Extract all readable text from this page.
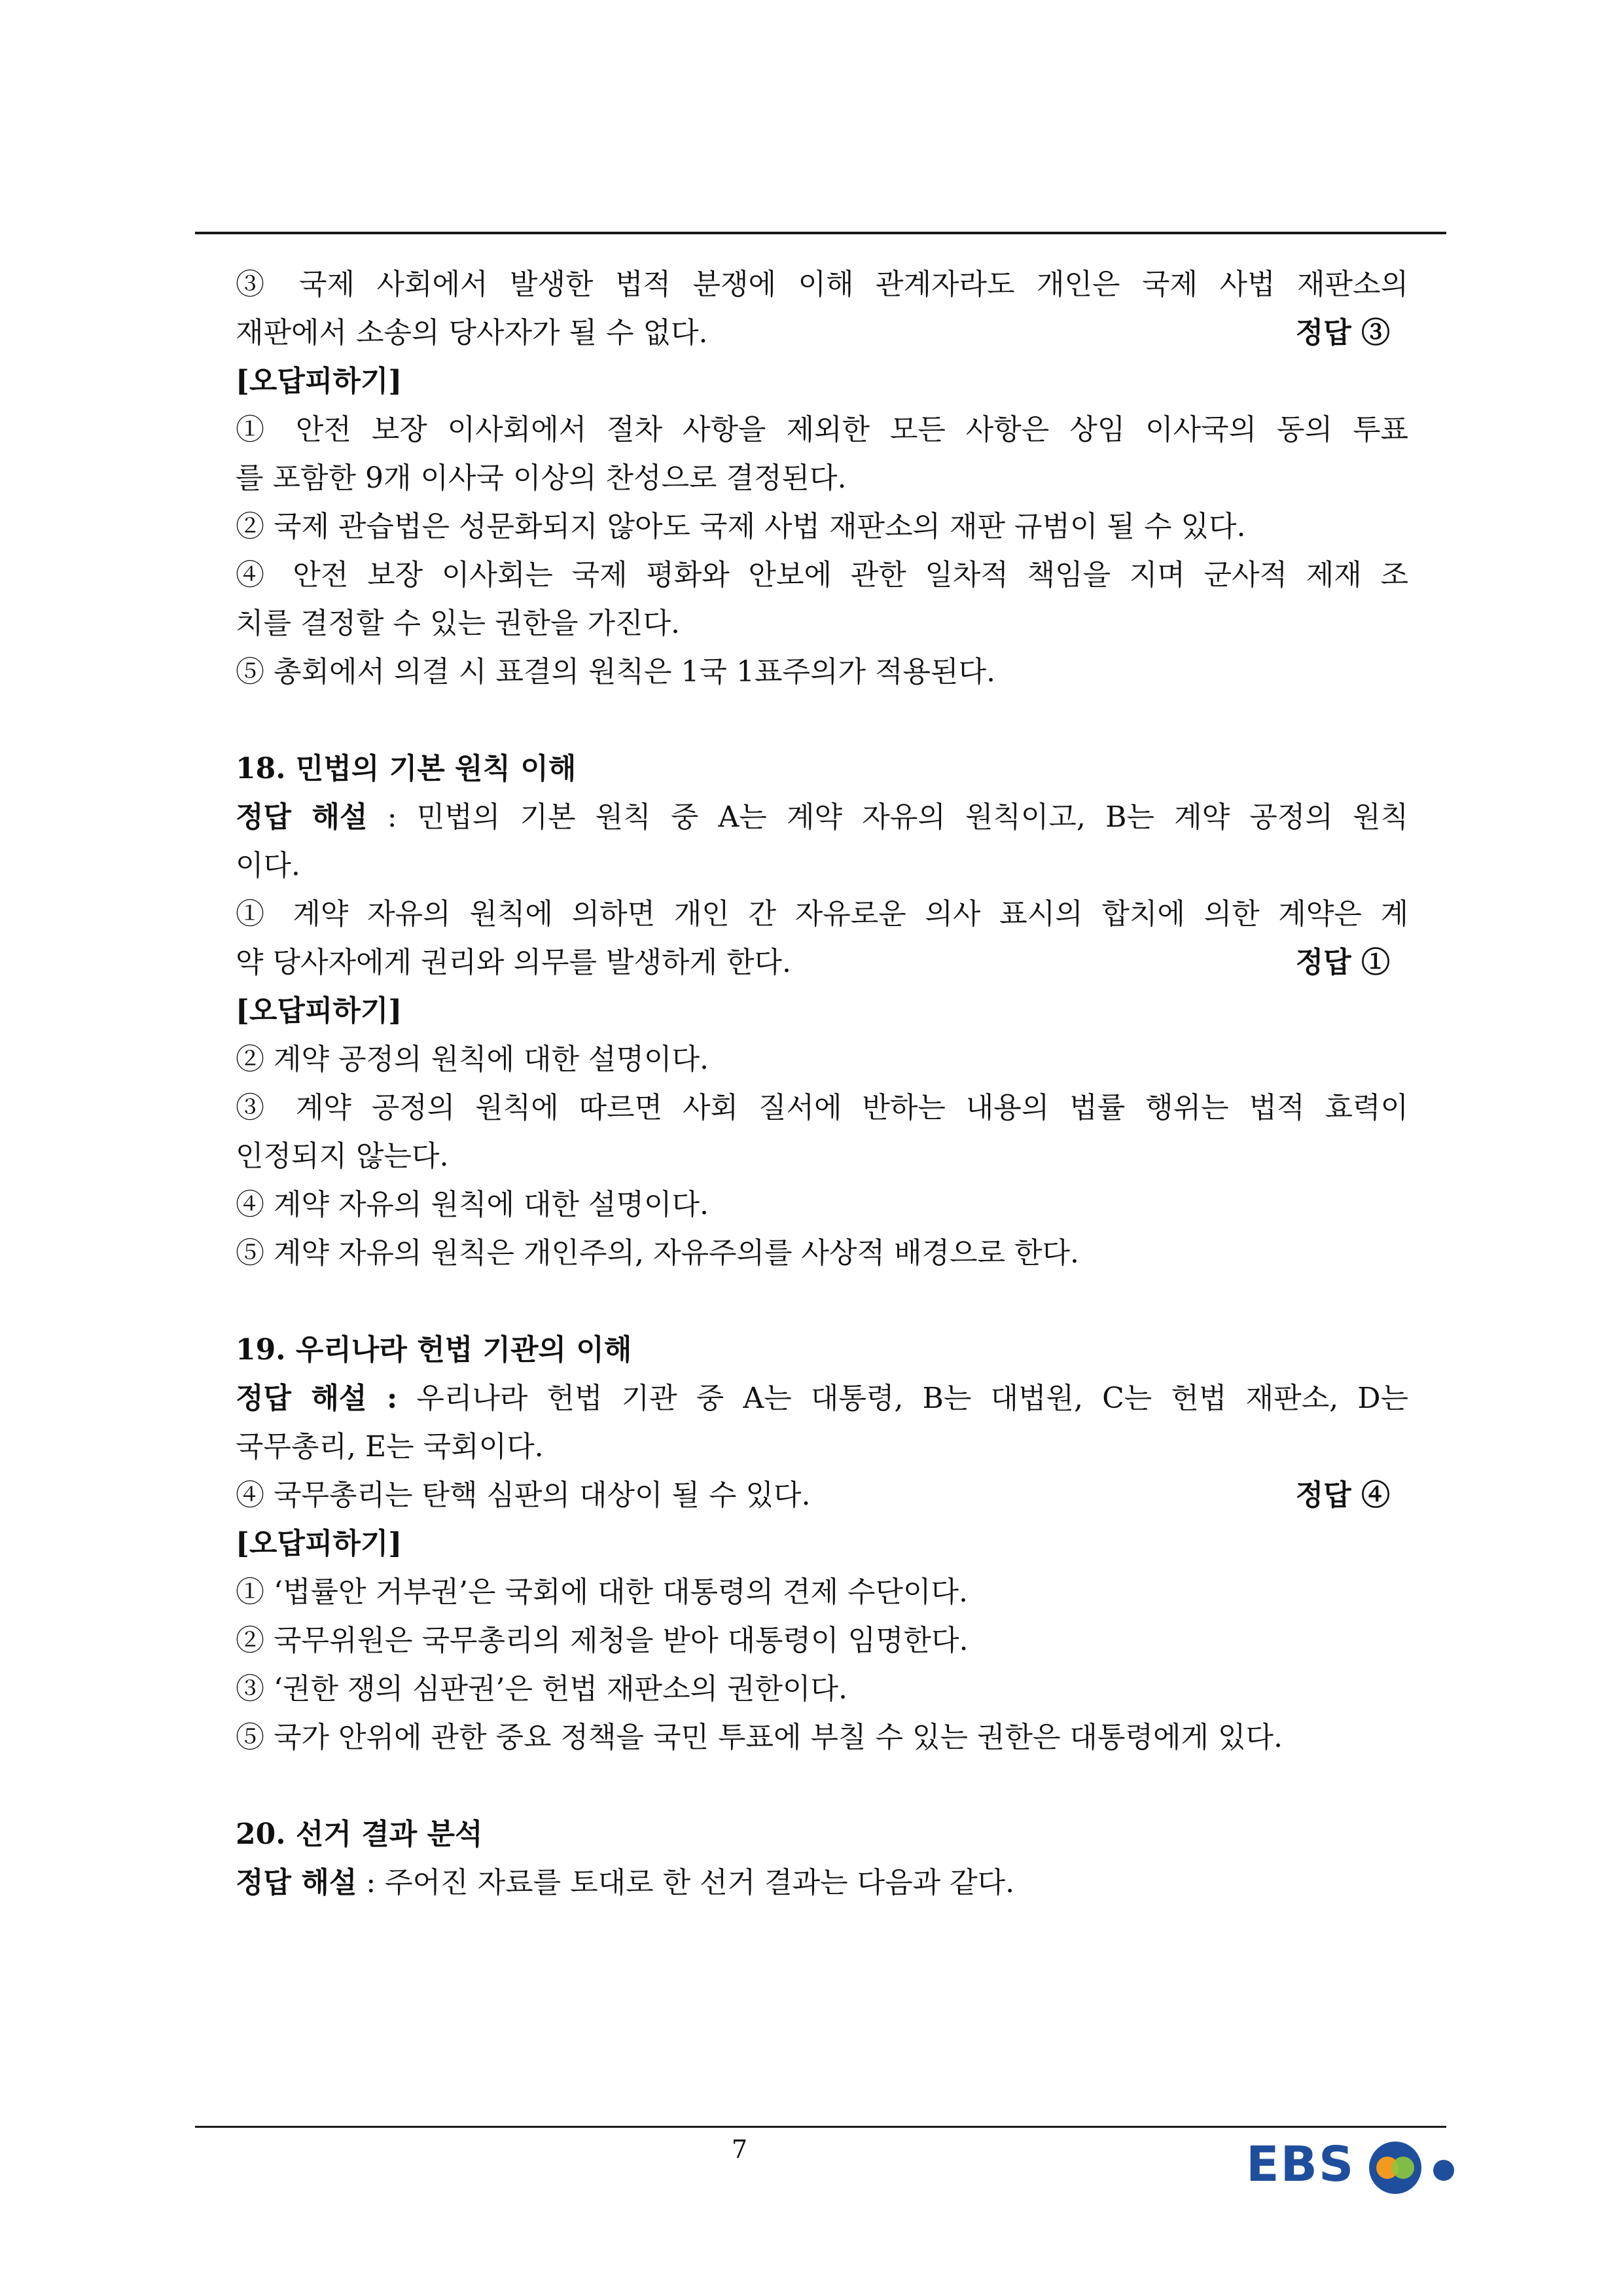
③ 국제 사회에서 발생한 법적 분쟁에 이해 관계자라도 개인은 국제 사법 재판소의
재판에서 소송의 당사자가 될 수 없다.	정답 ③
[오답피하기]
① 안전 보장 이사회에서 절차 사항을 제외한 모든 사항은 상임 이사국의 동의 투표
를 포함한 9개 이사국 이상의 찬성으로 결정된다.
② 국제 관습법은 성문화되지 않아도 국제 사법 재판소의 재판 규범이 될 수 있다.
④ 안전 보장 이사회는 국제 평화와 안보에 관한 일차적 책임을 지며 군사적 제재 조
치를 결정할 수 있는 권한을 가진다.
⑤ 총회에서 의결 시 표결의 원칙은 1국 1표주의가 적용된다.
18. 민법의 기본 원칙 이해
정답 해설 : 민법의 기본 원칙 중 A는 계약 자유의 원칙이고, B는 계약 공정의 원칙
이다.
① 계약 자유의 원칙에 의하면 개인 간 자유로운 의사 표시의 합치에 의한 계약은 계
약 당사자에게 권리와 의무를 발생하게 한다.	정답 ①
[오답피하기]
② 계약 공정의 원칙에 대한 설명이다.
③ 계약 공정의 원칙에 따르면 사회 질서에 반하는 내용의 법률 행위는 법적 효력이
인정되지 않는다.
④ 계약 자유의 원칙에 대한 설명이다.
⑤ 계약 자유의 원칙은 개인주의, 자유주의를 사상적 배경으로 한다.
19. 우리나라 헌법 기관의 이해
정답 해설 : 우리나라 헌법 기관 중 A는 대통령, B는 대법원, C는 헌법 재판소, D는
국무총리, E는 국회이다.
④ 국무총리는 탄핵 심판의 대상이 될 수 있다.	정답 ④
[오답피하기]
① ‘법률안 거부권’은 국회에 대한 대통령의 견제 수단이다.
② 국무위원은 국무총리의 제청을 받아 대통령이 임명한다.
③ ‘권한 쟁의 심판권’은 헌법 재판소의 권한이다.
⑤ 국가 안위에 관한 중요 정책을 국민 투표에 부칠 수 있는 권한은 대통령에게 있다.
20. 선거 결과 분석
정답 해설 : 주어진 자료를 토대로 한 선거 결과는 다음과 같다.
7	EBS
